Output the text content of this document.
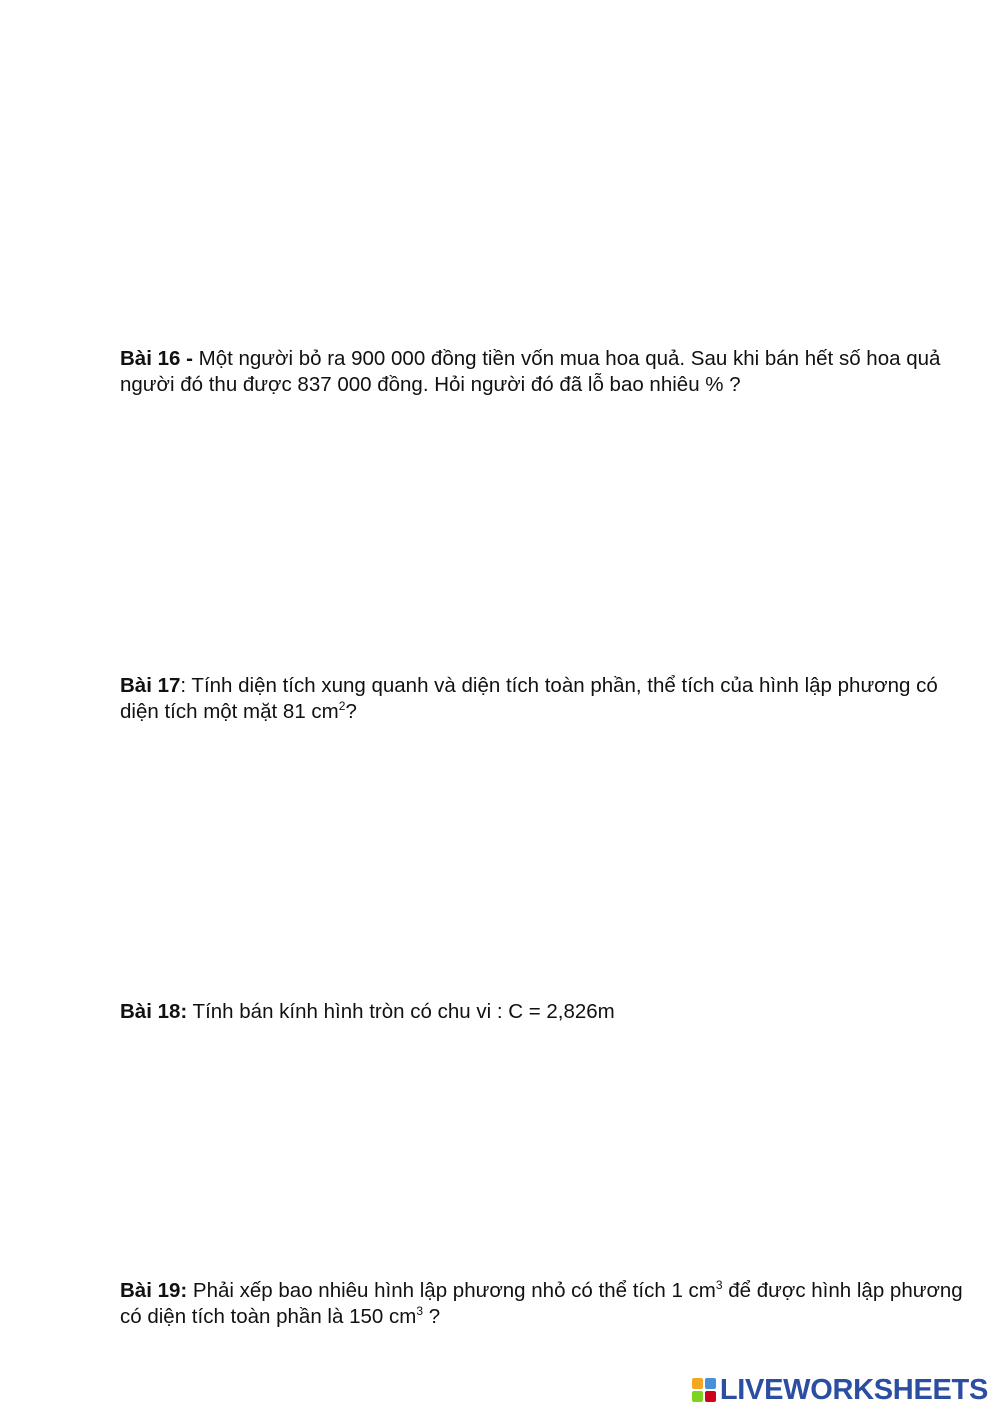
Bài 16 - Một người bỏ ra 900 000 đồng tiền vốn mua hoa quả. Sau khi bán hết số hoa quả người đó thu được 837 000 đồng. Hỏi người đó đã lỗ bao nhiêu % ?
Bài 17: Tính diện tích xung quanh và diện tích toàn phần, thể tích của hình lập phương có diện tích một mặt 81 $cm^2$?
Bài 18: Tính bán kính hình tròn có chu vi : C = 2,826m
Bài 19: Phải xếp bao nhiêu hình lập phương nhỏ có thể tích 1 $cm^3$ để được hình lập phương có diện tích toàn phần là 150 $cm^3$ ?
LIVEWORKSHEETS
